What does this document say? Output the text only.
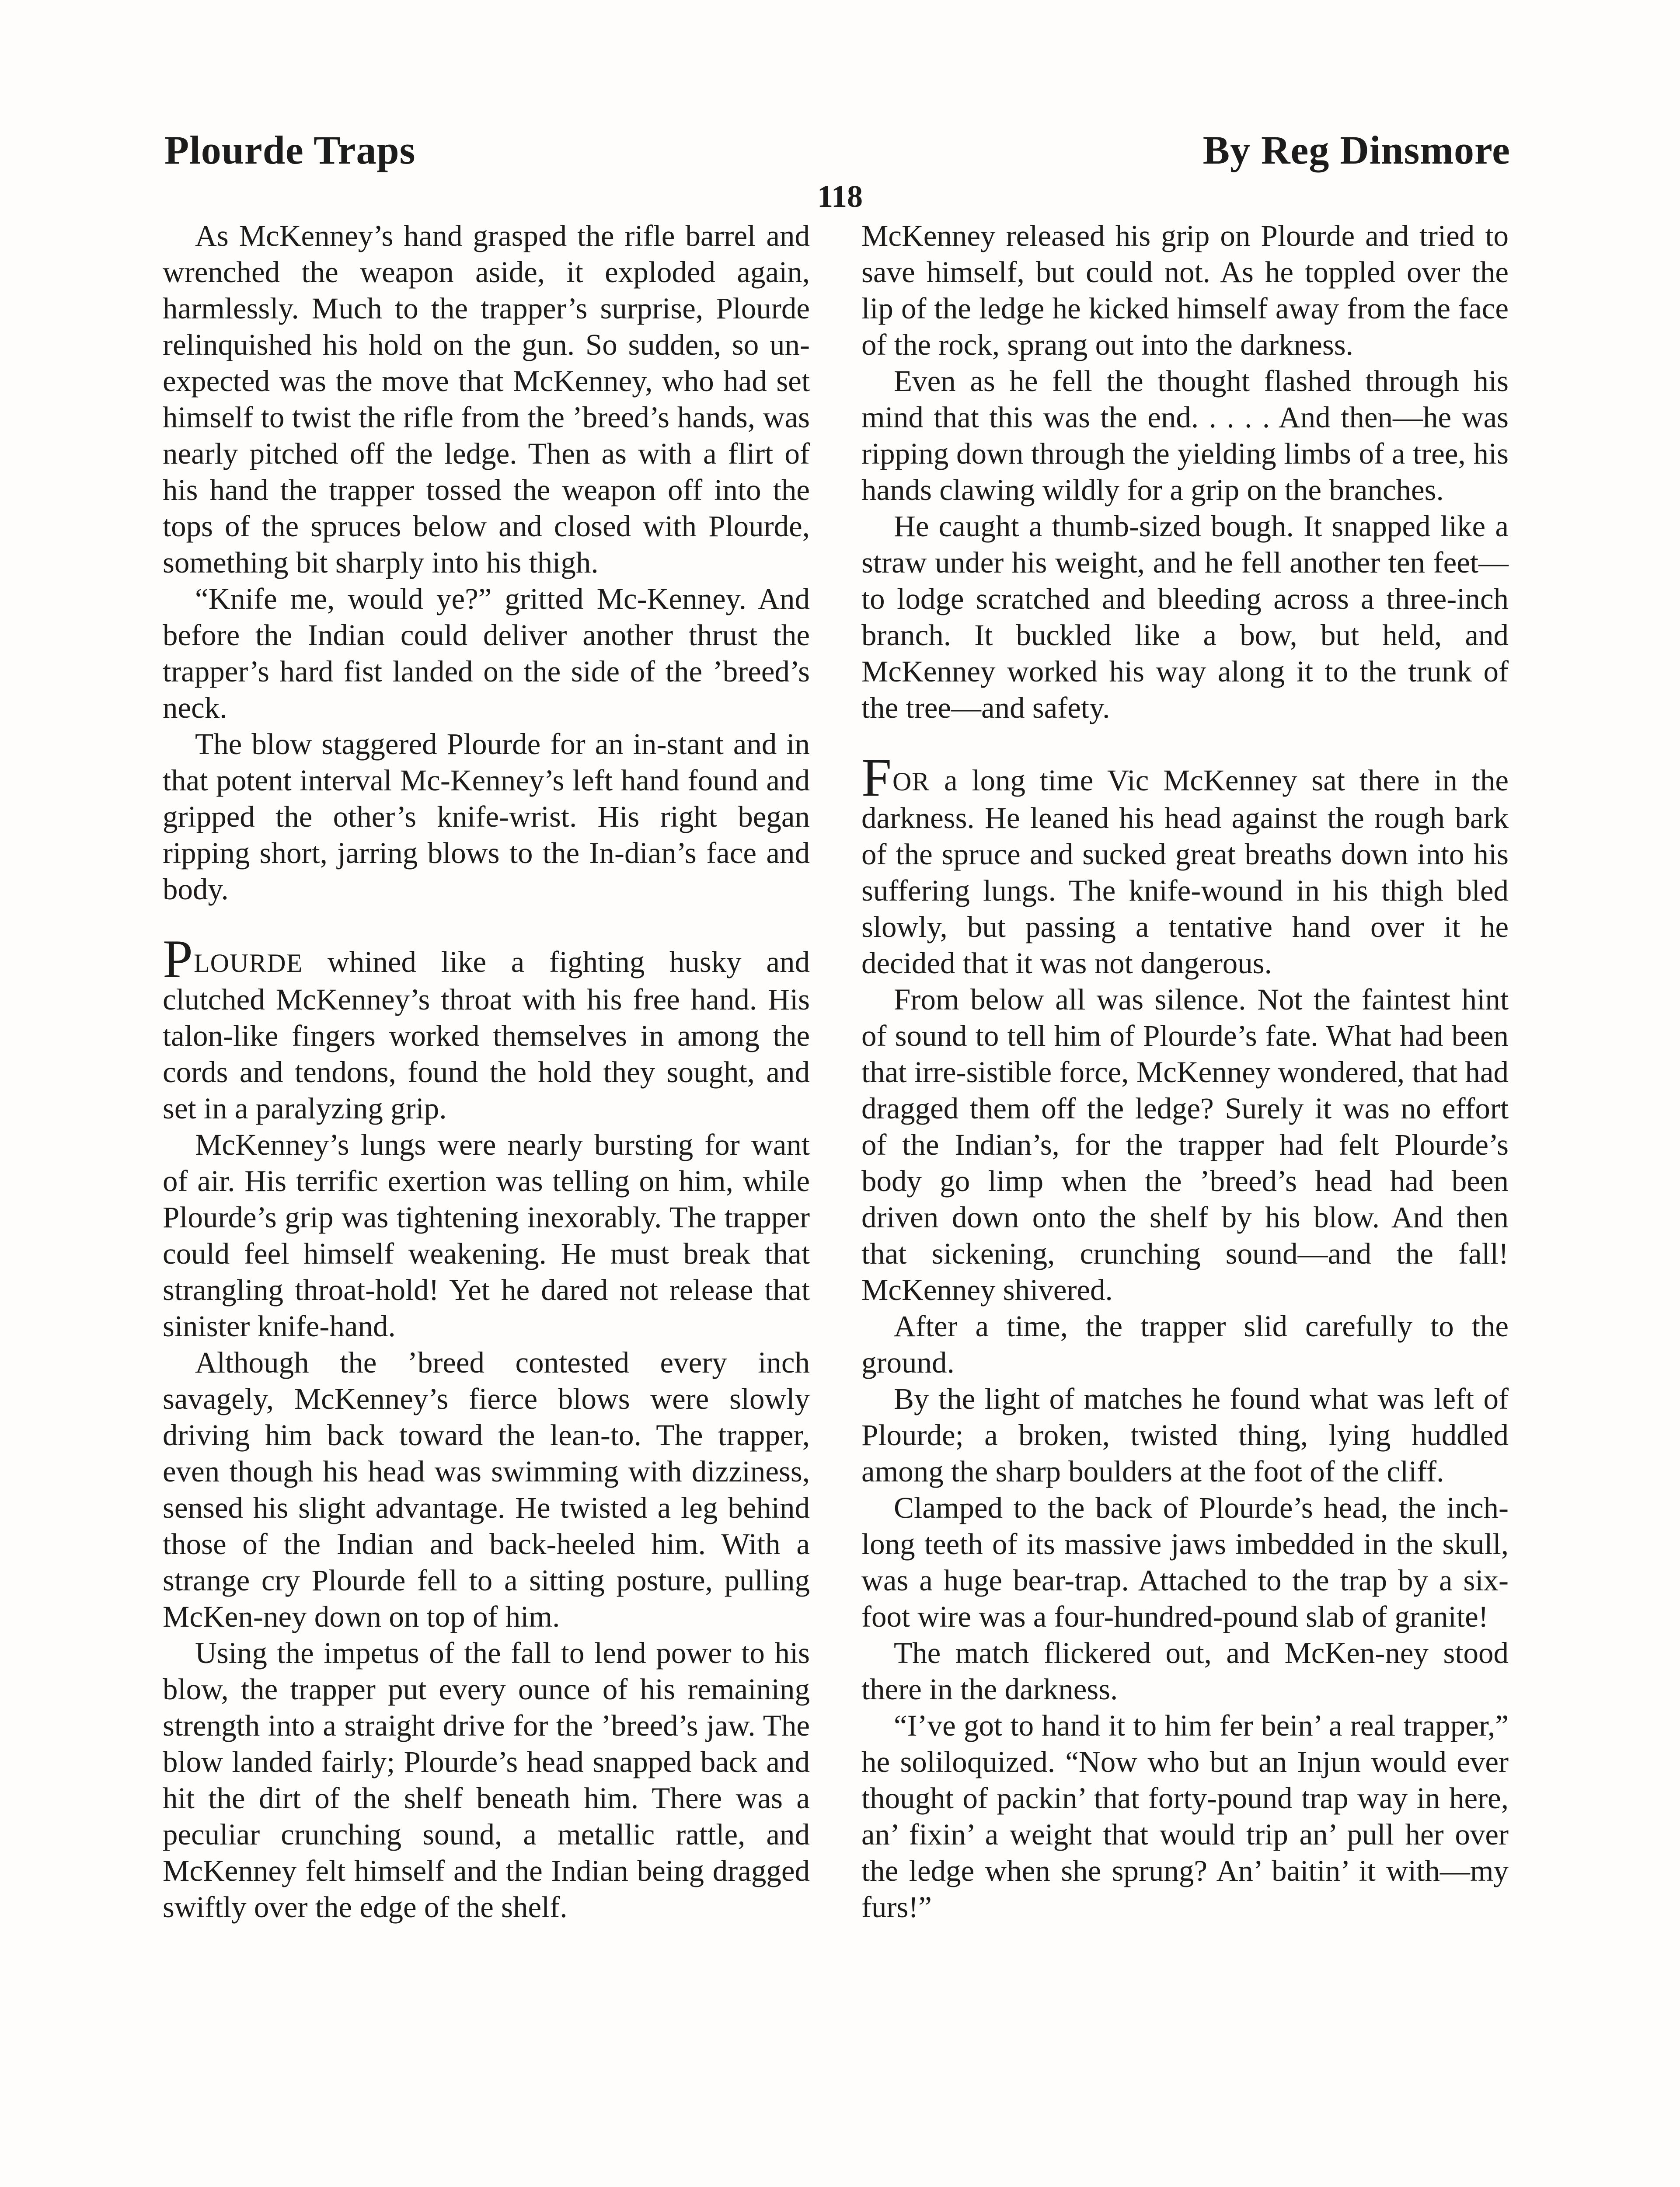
Plourde Traps	By Reg Dinsmore
118

As McKenney’s hand grasped the rifle barrel and wrenched the weapon aside, it exploded again, harmlessly. Much to the trapper’s surprise, Plourde relinquished his hold on the gun. So sudden, so un-expected was the move that McKenney, who had set himself to twist the rifle from the ’breed’s hands, was nearly pitched off the ledge. Then as with a flirt of his hand the trapper tossed the weapon off into the tops of the spruces below and closed with Plourde, something bit sharply into his thigh.

“Knife me, would ye?” gritted Mc-Kenney. And before the Indian could deliver another thrust the trapper’s hard fist landed on the side of the ’breed’s neck.

The blow staggered Plourde for an in-stant and in that potent interval Mc-Kenney’s left hand found and gripped the other’s knife-wrist. His right began ripping short, jarring blows to the In-dian’s face and body.

PLOURDE whined like a fighting husky and clutched McKenney’s throat with his free hand. His talon-like fingers worked themselves in among the cords and tendons, found the hold they sought, and set in a paralyzing grip.

McKenney’s lungs were nearly bursting for want of air. His terrific exertion was telling on him, while Plourde’s grip was tightening inexorably. The trapper could feel himself weakening. He must break that strangling throat-hold! Yet he dared not release that sinister knife-hand.

Although the ’breed contested every inch savagely, McKenney’s fierce blows were slowly driving him back toward the lean-to. The trapper, even though his head was swimming with dizziness, sensed his slight advantage. He twisted a leg behind those of the Indian and back-heeled him. With a strange cry Plourde fell to a sitting posture, pulling McKen-ney down on top of him.

Using the impetus of the fall to lend power to his blow, the trapper put every ounce of his remaining strength into a straight drive for the ’breed’s jaw. The blow landed fairly; Plourde’s head snapped back and hit the dirt of the shelf beneath him. There was a peculiar crunching sound, a metallic rattle, and McKenney felt himself and the Indian being dragged swiftly over the edge of the shelf.

McKenney released his grip on Plourde and tried to save himself, but could not. As he toppled over the lip of the ledge he kicked himself away from the face of the rock, sprang out into the darkness.

Even as he fell the thought flashed through his mind that this was the end. . . . . And then—he was ripping down through the yielding limbs of a tree, his hands clawing wildly for a grip on the branches.

He caught a thumb-sized bough. It snapped like a straw under his weight, and he fell another ten feet—to lodge scratched and bleeding across a three-inch branch. It buckled like a bow, but held, and McKenney worked his way along it to the trunk of the tree—and safety.

FOR a long time Vic McKenney sat there in the darkness. He leaned his head against the rough bark of the spruce and sucked great breaths down into his suffering lungs. The knife-wound in his thigh bled slowly, but passing a tentative hand over it he decided that it was not dangerous.

From below all was silence. Not the faintest hint of sound to tell him of Plourde’s fate. What had been that irre-sistible force, McKenney wondered, that had dragged them off the ledge? Surely it was no effort of the Indian’s, for the trapper had felt Plourde’s body go limp when the ’breed’s head had been driven down onto the shelf by his blow. And then that sickening, crunching sound—and the fall! McKenney shivered.

After a time, the trapper slid carefully to the ground.

By the light of matches he found what was left of Plourde; a broken, twisted thing, lying huddled among the sharp boulders at the foot of the cliff.

Clamped to the back of Plourde’s head, the inch-long teeth of its massive jaws imbedded in the skull, was a huge bear-trap. Attached to the trap by a six-foot wire was a four-hundred-pound slab of granite!

The match flickered out, and McKen-ney stood there in the darkness.

“I’ve got to hand it to him fer bein’ a real trapper,” he soliloquized. “Now who but an Injun would ever thought of packin’ that forty-pound trap way in here, an’ fixin’ a weight that would trip an’ pull her over the ledge when she sprung? An’ baitin’ it with—my furs!”
